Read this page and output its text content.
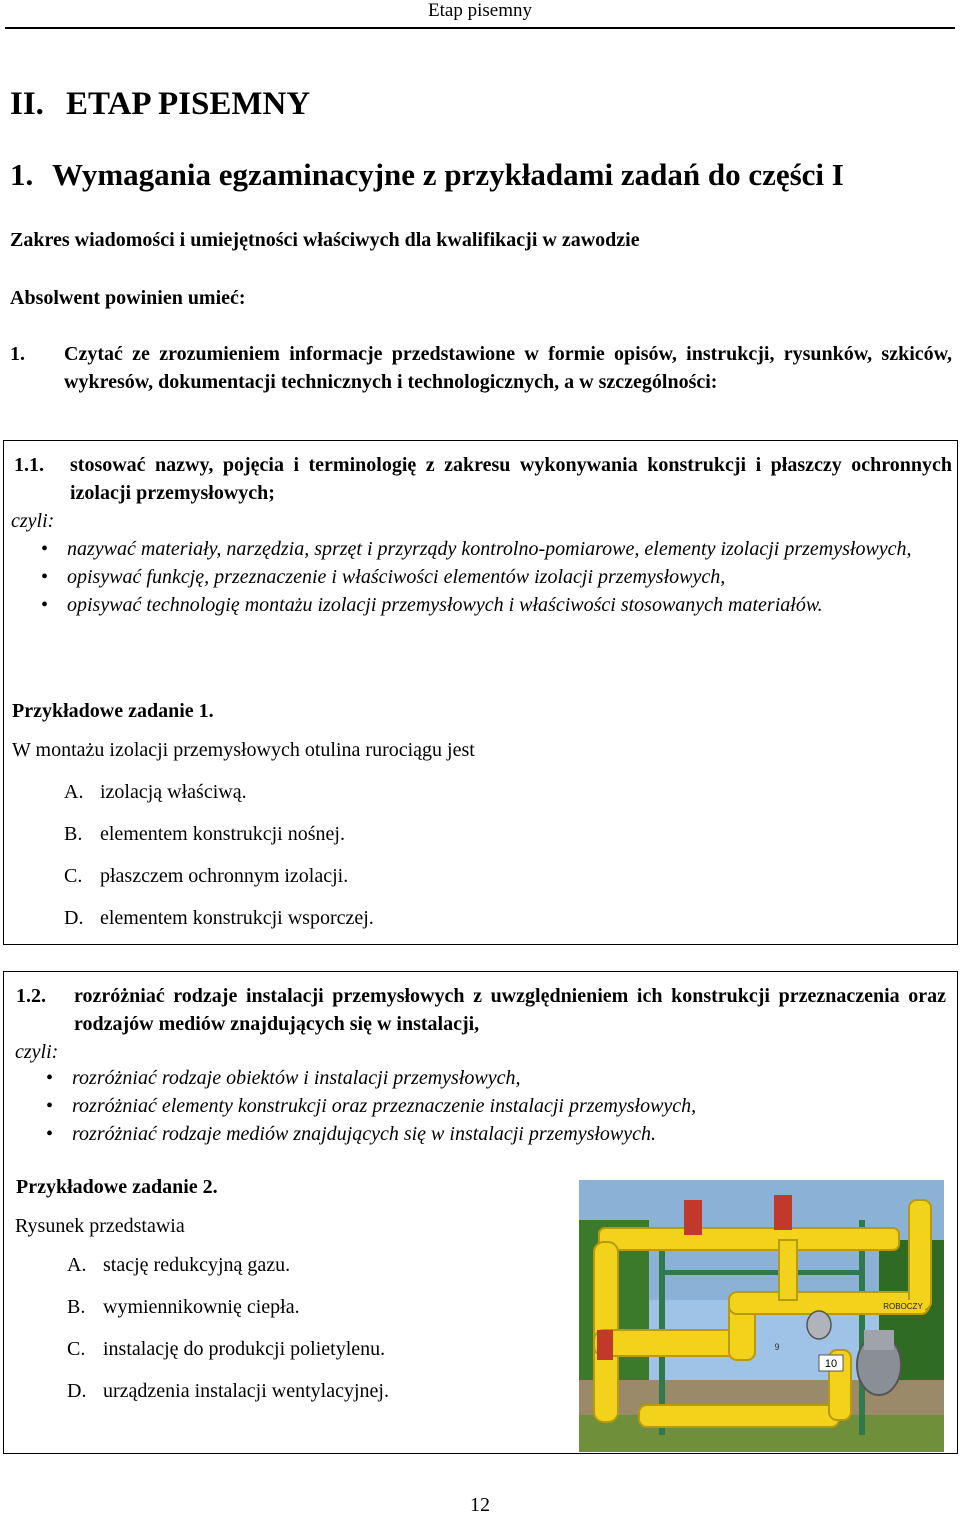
Etap pisemny
II. ETAP PISEMNY
1. Wymagania egzaminacyjne z przykładami zadań do części I
Zakres wiadomości i umiejętności właściwych dla kwalifikacji w zawodzie
Absolwent powinien umieć:
1. Czytać ze zrozumieniem informacje przedstawione w formie opisów, instrukcji, rysunków, szkiców, wykresów, dokumentacji technicznych i technologicznych, a w szczególności:
1.1. stosować nazwy, pojęcia i terminologię z zakresu wykonywania konstrukcji i płaszczy ochronnych izolacji przemysłowych;
czyli:
• nazywać materiały, narzędzia, sprzęt i przyrządy kontrolno-pomiarowe, elementy izolacji przemysłowych,
• opisywać funkcję, przeznaczenie i właściwości elementów izolacji przemysłowych,
• opisywać technologię montażu izolacji przemysłowych i właściwości stosowanych materiałów.
Przykładowe zadanie 1.
W montażu izolacji przemysłowych otulina rurociągu jest
A. izolacją właściwą.
B. elementem konstrukcji nośnej.
C. płaszczem ochronnym izolacji.
D. elementem konstrukcji wsporczej.
1.2. rozróżniać rodzaje instalacji przemysłowych z uwzględnieniem ich konstrukcji przeznaczenia oraz rodzajów mediów znajdujących się w instalacji,
czyli:
• rozróżniać rodzaje obiektów i instalacji przemysłowych,
• rozróżniać elementy konstrukcji oraz przeznaczenie instalacji przemysłowych,
• rozróżniać rodzaje mediów znajdujących się w instalacji przemysłowych.
Przykładowe zadanie 2.
Rysunek przedstawia
A. stację redukcyjną gazu.
B. wymiennikownię ciepła.
C. instalację do produkcji polietylenu.
D. urządzenia instalacji wentylacyjnej.
10
9
ROBOCZY
12
